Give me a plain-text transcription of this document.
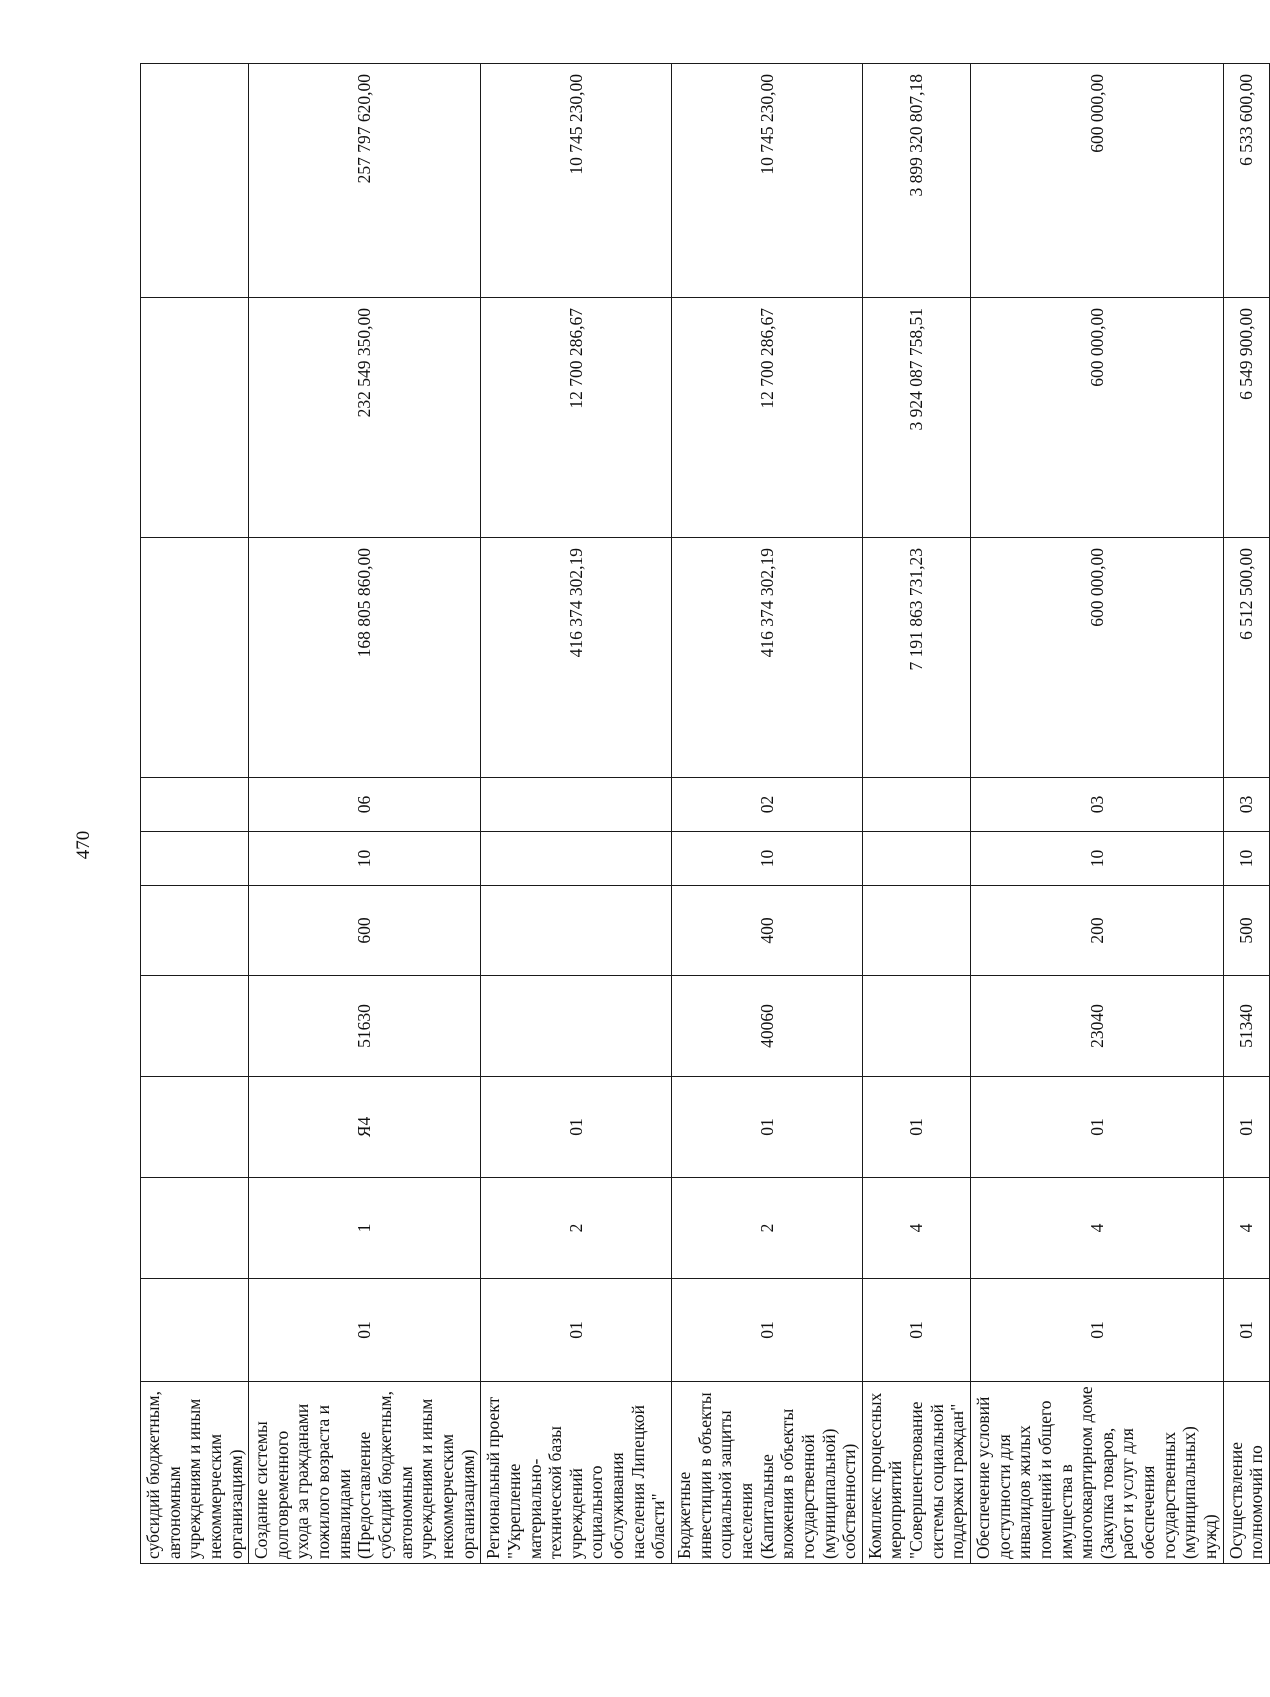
470
субсидий бюджетным, автономным учреждениям и иным некоммерческим организациям)										
Создание системы долговременного ухода за гражданами пожилого возраста и инвалидами (Предоставление субсидий бюджетным, автономным учреждениям и иным некоммерческим организациям)	01	1	Я4	51630	600	10	06	168 805 860,00	232 549 350,00	257 797 620,00
Региональный проект "Укрепление материально-технической базы учреждений социального обслуживания населения Липецкой области"	01	2	01					416 374 302,19	12 700 286,67	10 745 230,00
Бюджетные инвестиции в объекты социальной защиты населения (Капитальные вложения в объекты государственной (муниципальной) собственности)	01	2	01	40060	400	10	02	416 374 302,19	12 700 286,67	10 745 230,00
Комплекс процессных мероприятий "Совершенствование системы социальной поддержки граждан"	01	4	01					7 191 863 731,23	3 924 087 758,51	3 899 320 807,18
Обеспечение условий доступности для инвалидов жилых помещений и общего имущества в многоквартирном доме (Закупка товаров, работ и услуг для обеспечения государственных (муниципальных) нужд)	01	4	01	23040	200	10	03	600 000,00	600 000,00	600 000,00
Осуществление полномочий по	01	4	01	51340	500	10	03	6 512 500,00	6 549 900,00	6 533 600,00
